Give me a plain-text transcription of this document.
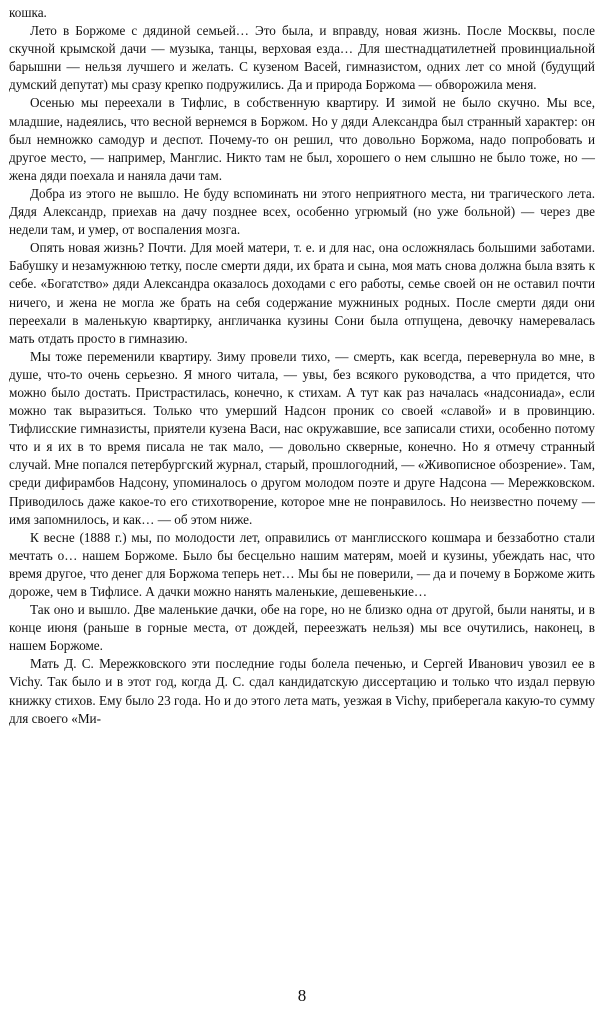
кошка.

Лето в Боржоме с дядиной семьей… Это была, и вправду, новая жизнь. После Москвы, после скучной крымской дачи — музыка, танцы, верховая езда… Для шестнадцатилетней провинциальной барышни — нельзя лучшего и желать. С кузеном Васей, гимназистом, одних лет со мной (будущий думский депутат) мы сразу крепко подружились. Да и природа Боржома — обворожила меня.

Осенью мы переехали в Тифлис, в собственную квартиру. И зимой не было скучно. Мы все, младшие, надеялись, что весной вернемся в Боржом. Но у дяди Александра был странный характер: он был немножко самодур и деспот. Почему-то он решил, что довольно Боржома, надо попробовать и другое место, — например, Манглис. Никто там не был, хорошего о нем слышно не было тоже, но — жена дяди поехала и наняла дачи там.

Добра из этого не вышло. Не буду вспоминать ни этого неприятного места, ни трагического лета. Дядя Александр, приехав на дачу позднее всех, особенно угрюмый (но уже больной) — через две недели там, и умер, от воспаления мозга.

Опять новая жизнь? Почти. Для моей матери, т. е. и для нас, она осложнялась большими заботами. Бабушку и незамужнюю тетку, после смерти дяди, их брата и сына, моя мать снова должна была взять к себе. «Богатство» дяди Александра оказалось доходами с его работы, семье своей он не оставил почти ничего, и жена не могла же брать на себя содержание мужниных родных. После смерти дяди они переехали в маленькую квартирку, англичанка кузины Сони была отпущена, девочку намеревалась мать отдать просто в гимназию.

Мы тоже переменили квартиру. Зиму провели тихо, — смерть, как всегда, перевернула во мне, в душе, что-то очень серьезно. Я много читала, — увы, без всякого руководства, а что придется, что можно было достать. Пристрастилась, конечно, к стихам. А тут как раз началась «надсониада», если можно так выразиться. Только что умерший Надсон проник со своей «славой» и в провинцию. Тифлисские гимназисты, приятели кузена Васи, нас окружавшие, все записали стихи, особенно потому что и я их в то время писала не так мало, — довольно скверные, конечно. Но я отмечу странный случай. Мне попался петербургский журнал, старый, прошлогодний, — «Живописное обозрение». Там, среди дифирамбов Надсону, упоминалось о другом молодом поэте и друге Надсона — Мережковском. Приводилось даже какое-то его стихотворение, которое мне не понравилось. Но неизвестно почему — имя запомнилось, и как… — об этом ниже.

К весне (1888 г.) мы, по молодости лет, оправились от манглисского кошмара и беззаботно стали мечтать о… нашем Боржоме. Было бы бесцельно нашим матерям, моей и кузины, убеждать нас, что время другое, что денег для Боржома теперь нет… Мы бы не поверили, — да и почему в Боржоме жить дороже, чем в Тифлисе. А дачки можно нанять маленькие, дешевенькие…

Так оно и вышло. Две маленькие дачки, обе на горе, но не близко одна от другой, были наняты, и в конце июня (раньше в горные места, от дождей, переезжать нельзя) мы все очутились, наконец, в нашем Боржоме.

Мать Д. С. Мережковского эти последние годы болела печенью, и Сергей Иванович увозил ее в Vichy. Так было и в этот год, когда Д. С. сдал кандидатскую диссертацию и только что издал первую книжку стихов. Ему было 23 года. Но и до этого лета мать, уезжая в Vichy, приберегала какую-то сумму для своего «Ми-

8
